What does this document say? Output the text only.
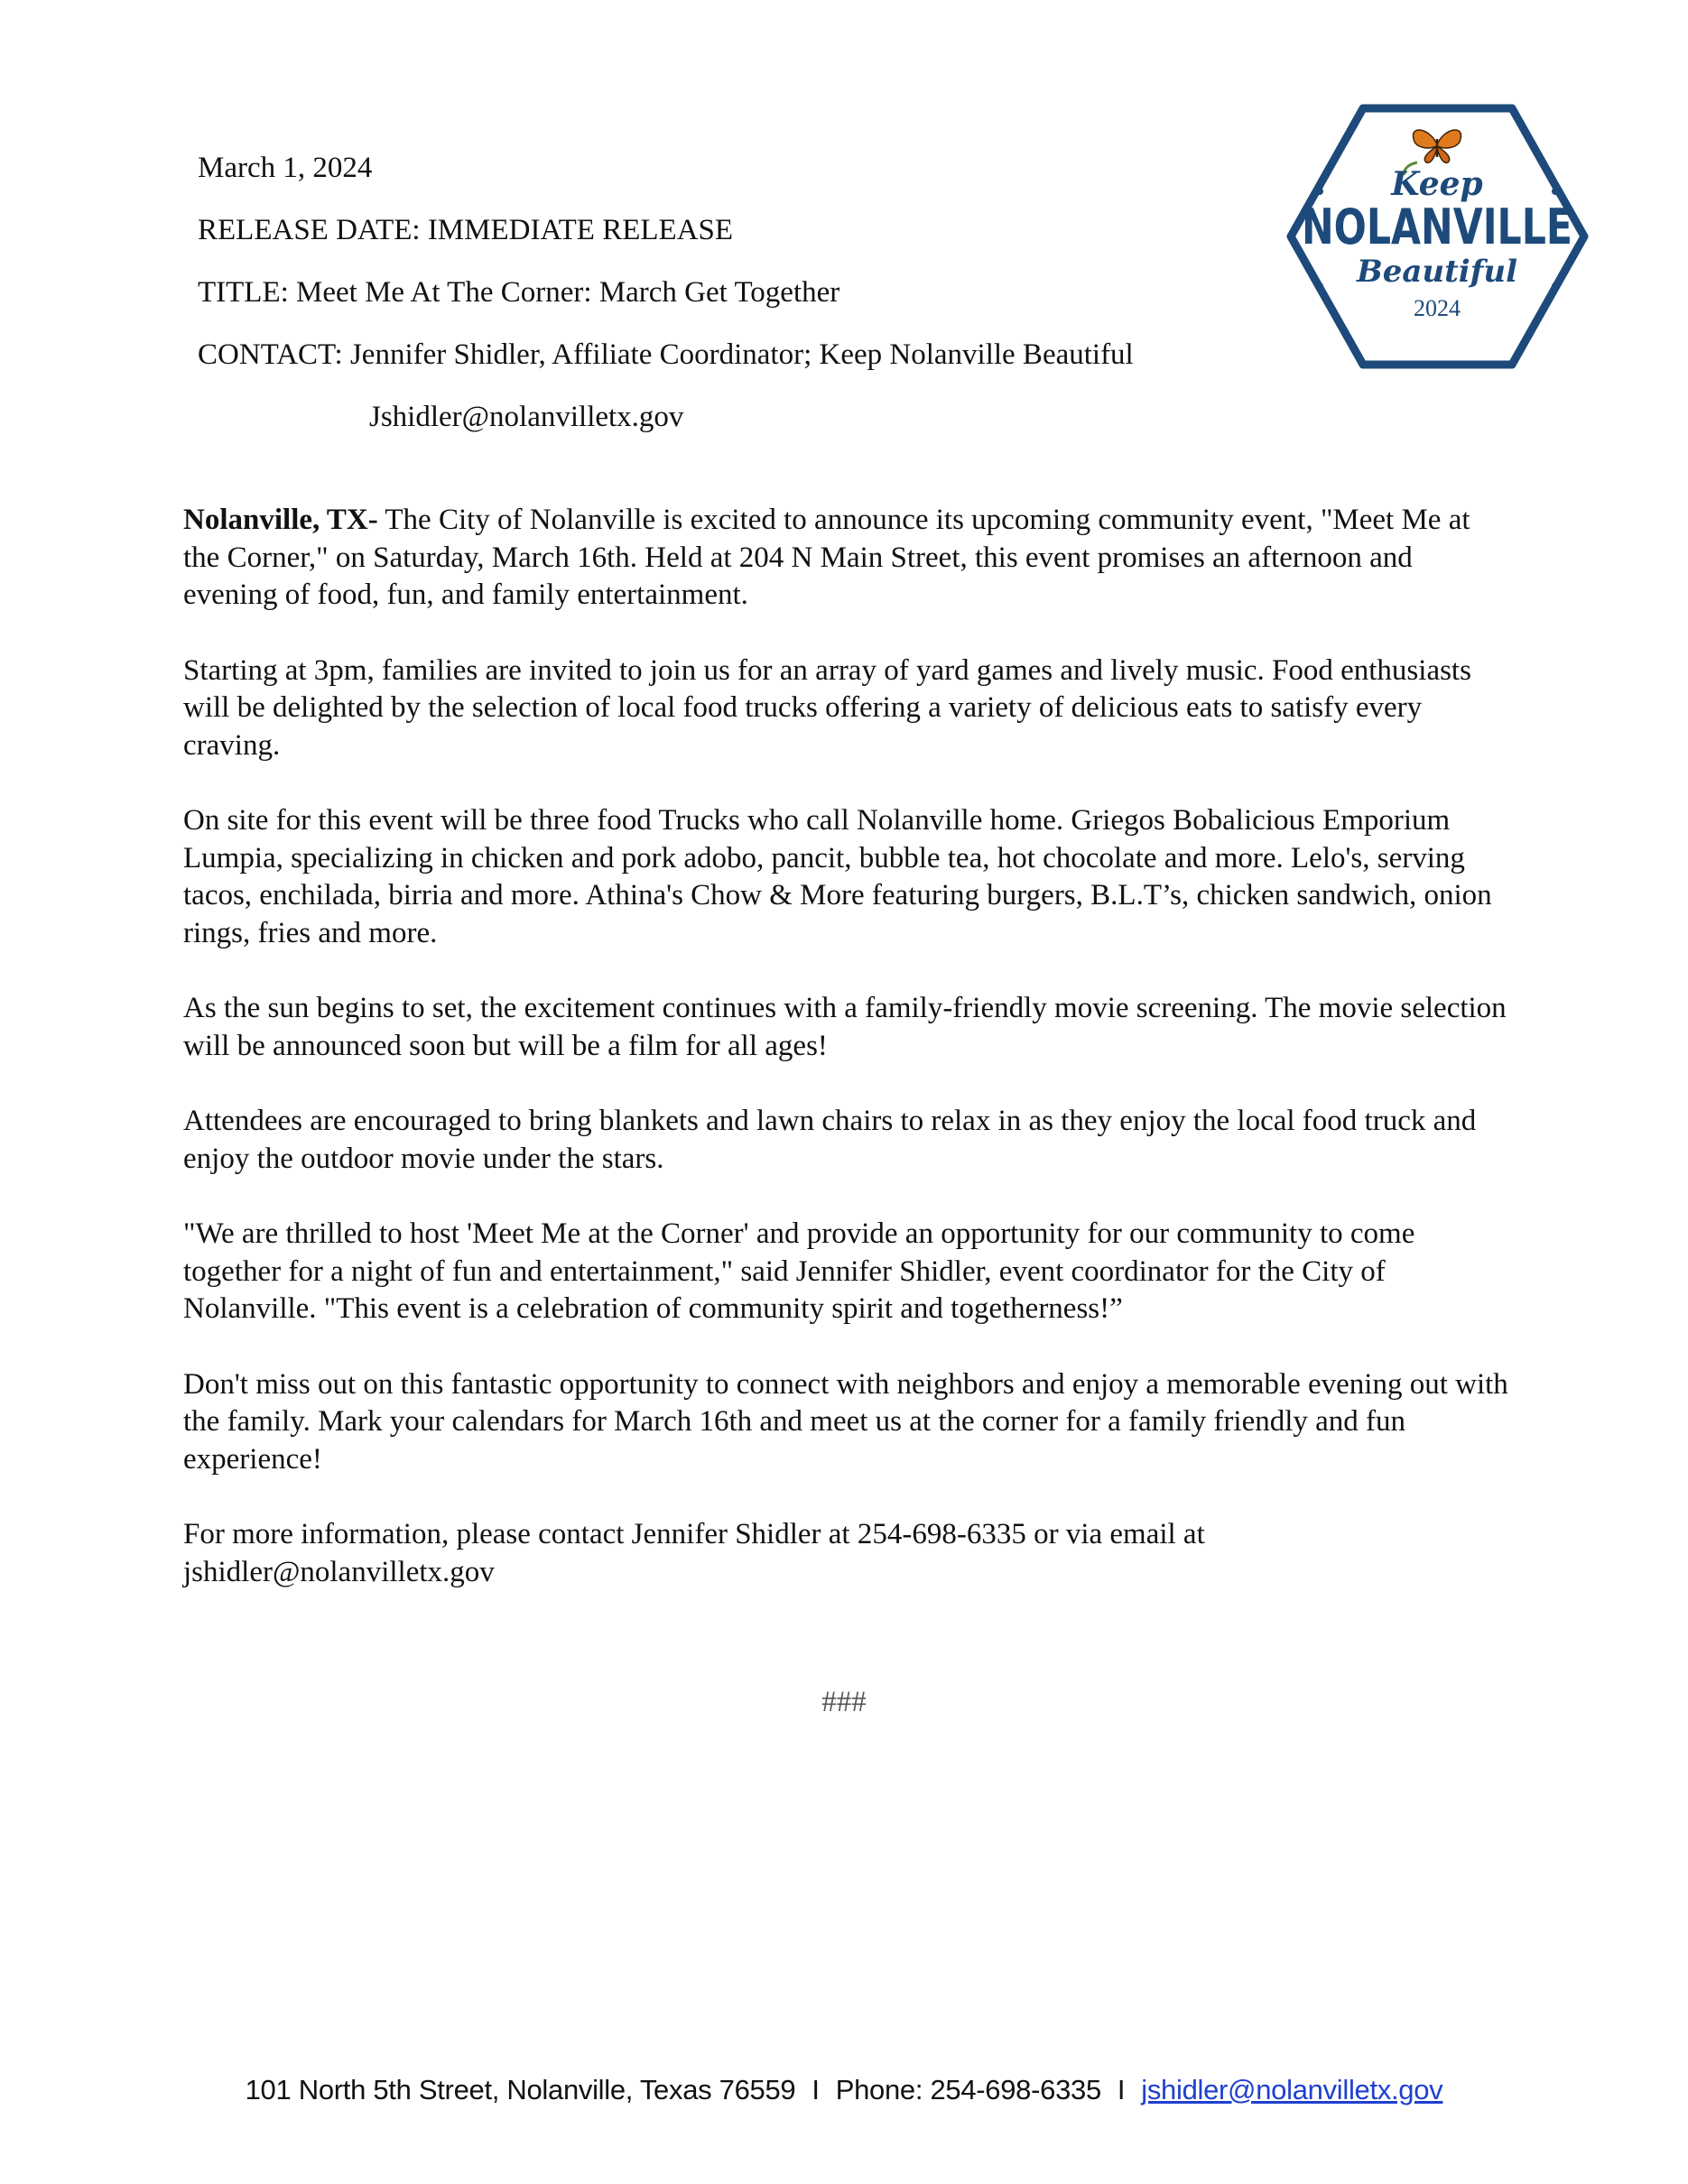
March 1, 2024
RELEASE DATE: IMMEDIATE RELEASE
TITLE: Meet Me At The Corner: March Get Together
CONTACT: Jennifer Shidler, Affiliate Coordinator; Keep Nolanville Beautiful
Jshidler@nolanvilletx.gov
Keep
NOLANVILLE
Beautiful
2024

Nolanville, TX- The City of Nolanville is excited to announce its upcoming community event, "Meet Me at the Corner," on Saturday, March 16th. Held at 204 N Main Street, this event promises an afternoon and evening of food, fun, and family entertainment.

Starting at 3pm, families are invited to join us for an array of yard games and lively music. Food enthusiasts will be delighted by the selection of local food trucks offering a variety of delicious eats to satisfy every craving.

On site for this event will be three food Trucks who call Nolanville home. Griegos Bobalicious Emporium Lumpia, specializing in chicken and pork adobo, pancit, bubble tea, hot chocolate and more. Lelo's, serving tacos, enchilada, birria and more. Athina's Chow & More featuring burgers, B.L.T’s, chicken sandwich, onion rings, fries and more.

As the sun begins to set, the excitement continues with a family-friendly movie screening. The movie selection will be announced soon but will be a film for all ages!

Attendees are encouraged to bring blankets and lawn chairs to relax in as they enjoy the local food truck and enjoy the outdoor movie under the stars.

"We are thrilled to host 'Meet Me at the Corner' and provide an opportunity for our community to come together for a night of fun and entertainment," said Jennifer Shidler, event coordinator for the City of Nolanville. "This event is a celebration of community spirit and togetherness!”

Don't miss out on this fantastic opportunity to connect with neighbors and enjoy a memorable evening out with the family. Mark your calendars for March 16th and meet us at the corner for a family friendly and fun experience!

For more information, please contact Jennifer Shidler at 254-698-6335 or via email at jshidler@nolanvilletx.gov

###
101 North 5th Street, Nolanville, Texas 76559 I Phone: 254-698-6335 I jshidler@nolanvilletx.gov
